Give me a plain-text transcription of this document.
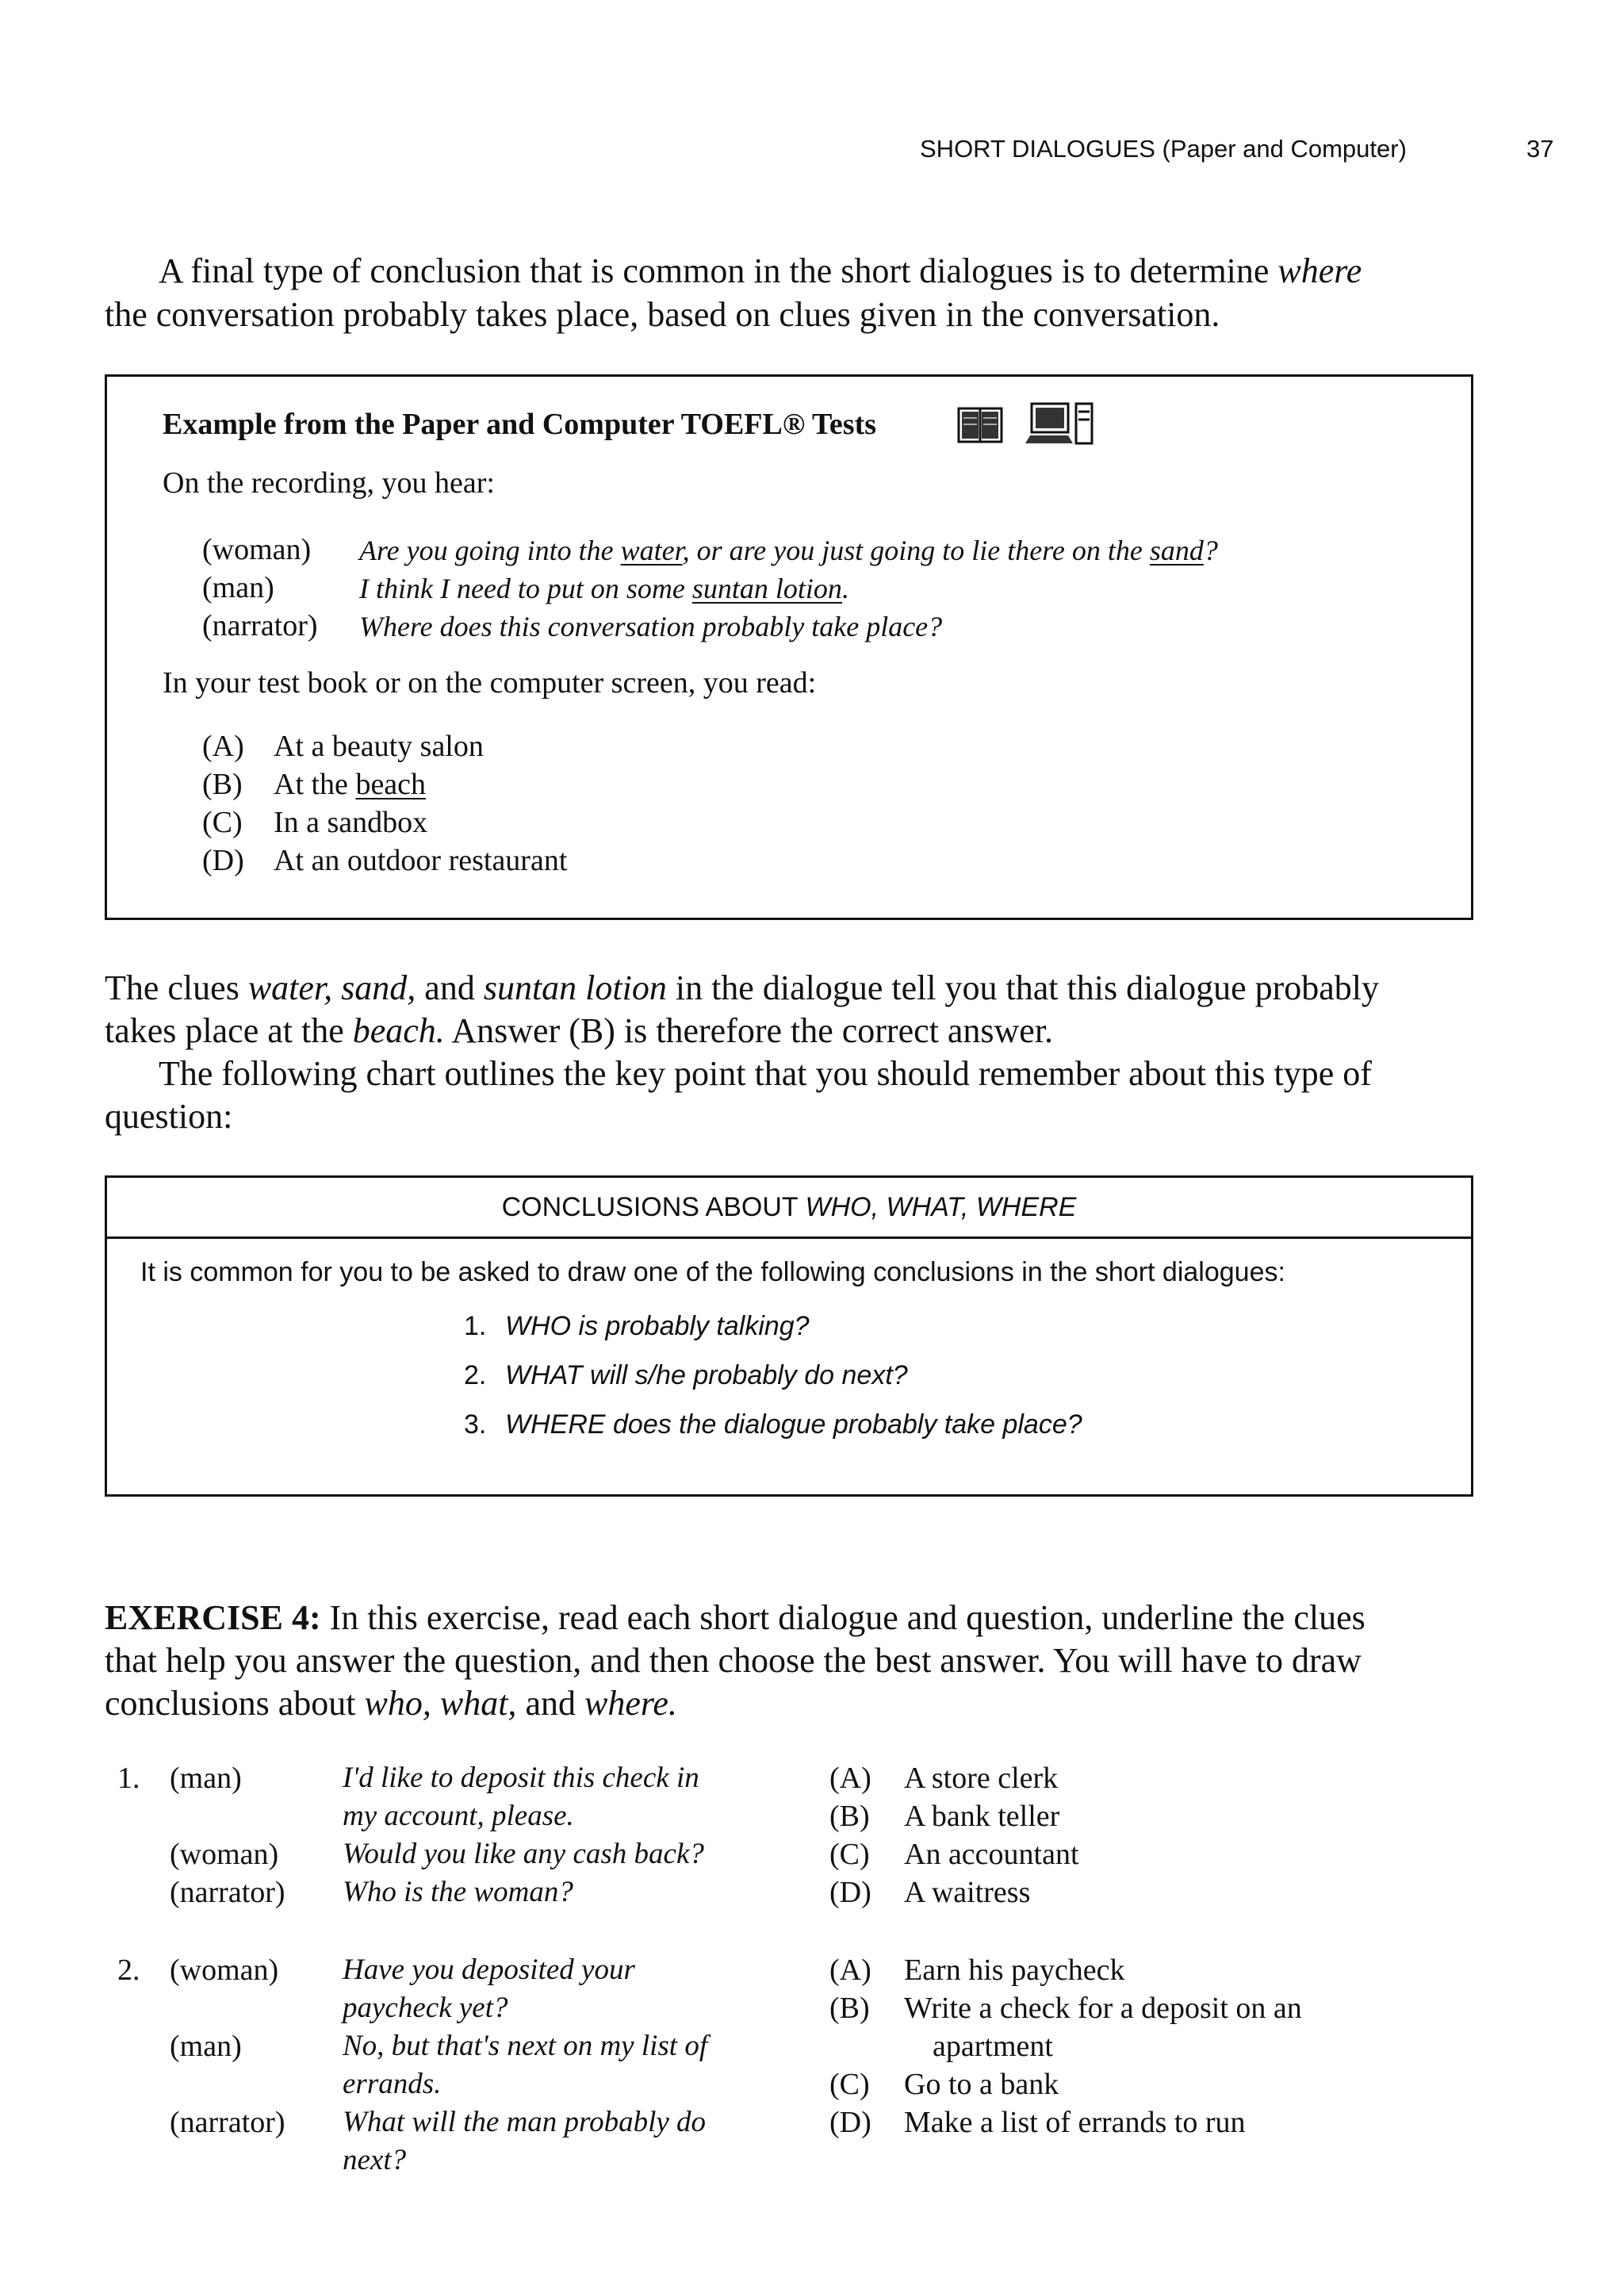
SHORT DIALOGUES (Paper and Computer)	37
A final type of conclusion that is common in the short dialogues is to determine where
the conversation probably takes place, based on clues given in the conversation.
Example from the Paper and Computer TOEFL® Tests
On the recording, you hear:
(woman) Are you going into the water, or are you just going to lie there on the sand?
(man)	I think I need to put on some suntan lotion.
(narrator) Where does this conversation probably take place?
In your test book or on the computer screen, you read:
(A) At a beauty salon
(B) At the beach
(C) In a sandbox
(D) At an outdoor restaurant
The clues water, sand, and suntan lotion in the dialogue tell you that this dialogue probably
takes place at the beach. Answer (B) is therefore the correct answer.
The following chart outlines the key point that you should remember about this type of
question:
CONCLUSIONS ABOUT WHO, WHAT, WHERE
It is common for you to be asked to draw one of the following conclusions in the short dialogues:
1. WHO is probably talking?
2. WHAT will s/he probably do next?
3. WHERE does the dialogue probably take place?
EXERCISE 4: In this exercise, read each short dialogue and question, underline the clues
that help you answer the question, and then choose the best answer. You will have to draw
conclusions about who, what, and where.
1. (man)	I'd like to deposit this check in
my account, please.
(woman) Would you like any cash back?
(narrator) Who is the woman?
(A) A store clerk
(B) A bank teller
(C) An accountant
(D) A waitress
2. (woman) Have you deposited your
paycheck yet?
(man)	No, but that's next on my list of
errands.
(narrator) What will the man probably do
next?
(A) Earn his paycheck
(B) Write a check for a deposit on an
apartment
(C) Go to a bank
(D) Make a list of errands to run
